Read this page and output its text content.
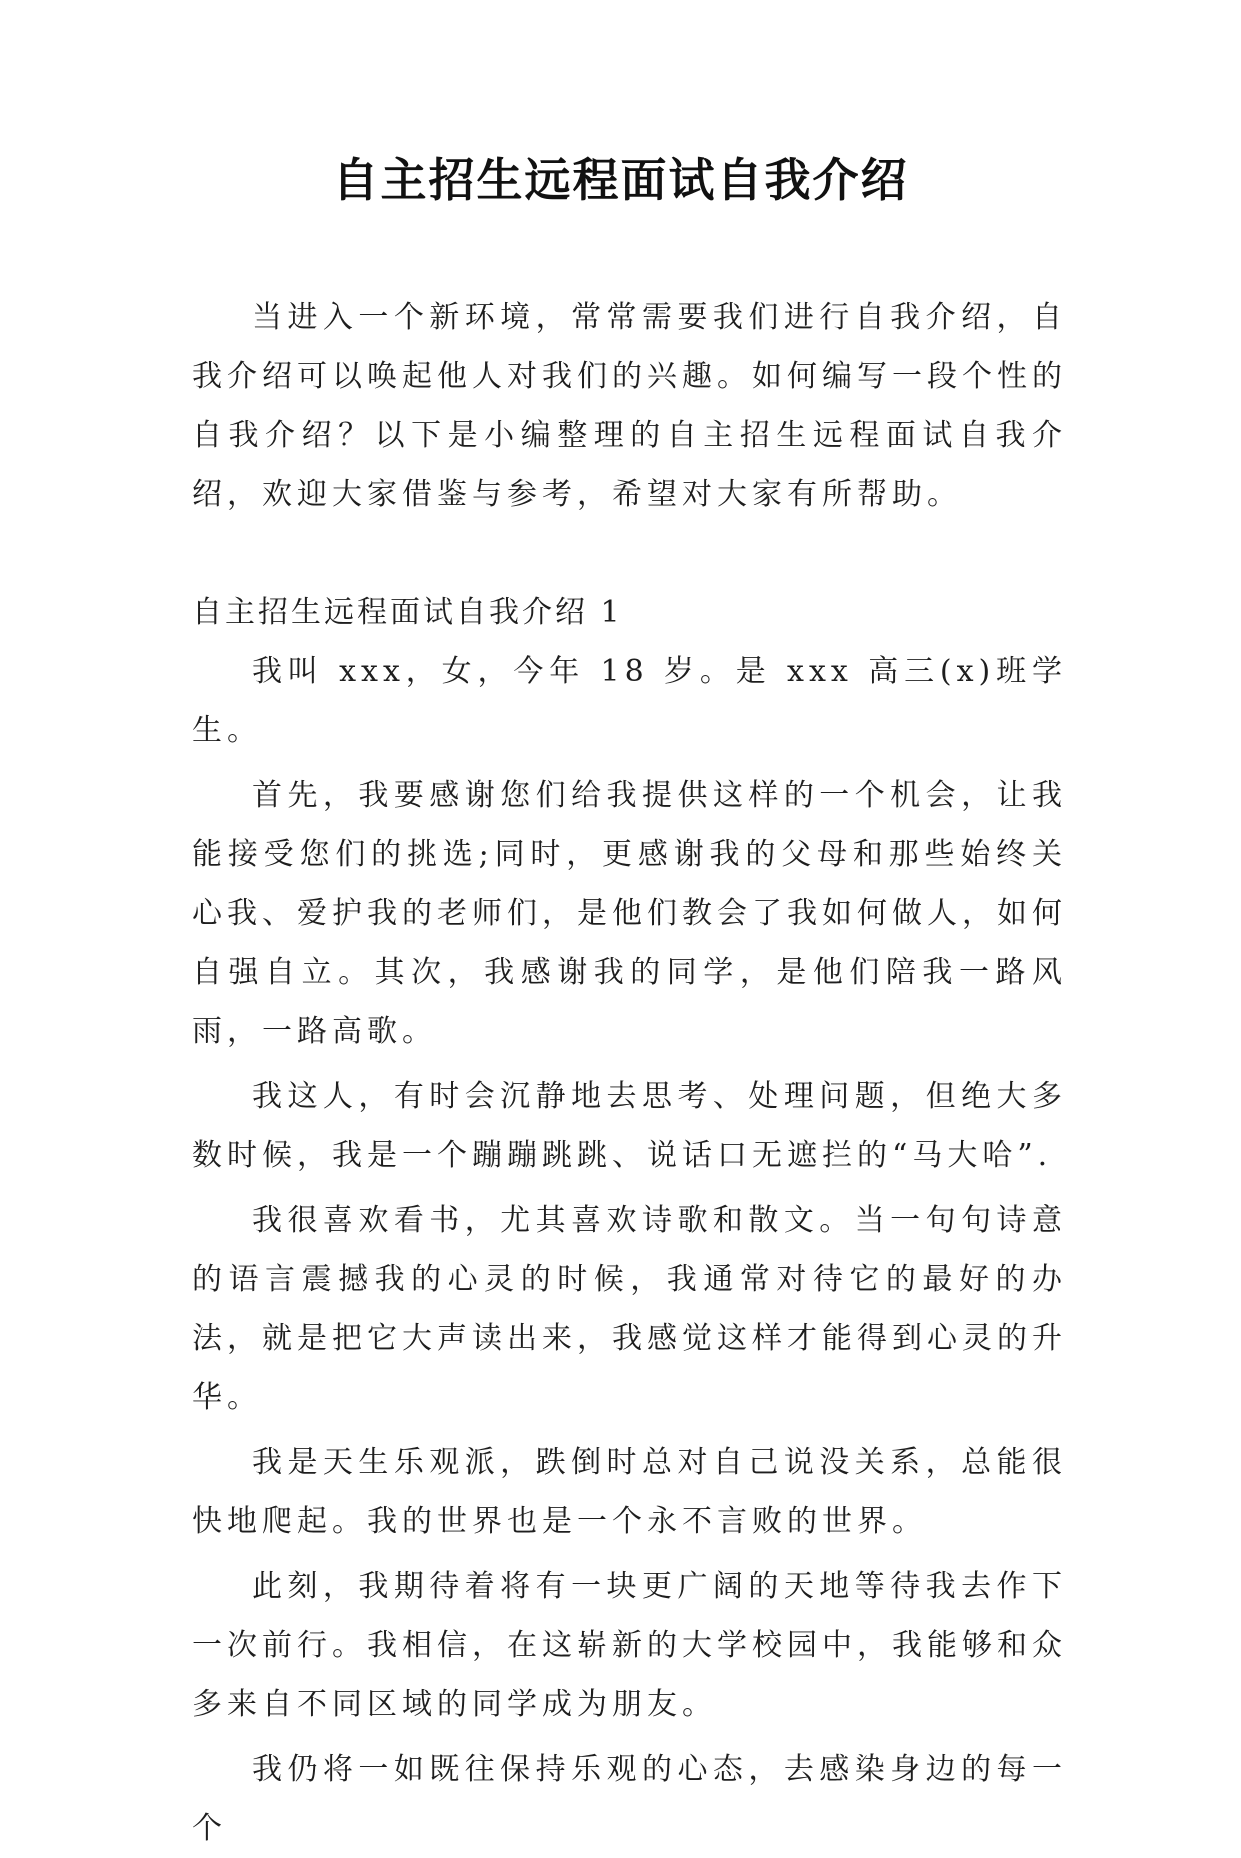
自主招生远程面试自我介绍

当进入一个新环境，常常需要我们进行自我介绍，自我介绍可以唤起他人对我们的兴趣。如何编写一段个性的自我介绍？以下是小编整理的自主招生远程面试自我介绍，欢迎大家借鉴与参考，希望对大家有所帮助。

自主招生远程面试自我介绍 1

我叫 xxx，女，今年 18 岁。是 xxx 高三(x)班学生。

首先，我要感谢您们给我提供这样的一个机会，让我能接受您们的挑选;同时，更感谢我的父母和那些始终关心我、爱护我的老师们，是他们教会了我如何做人，如何自强自立。其次，我感谢我的同学，是他们陪我一路风雨，一路高歌。

我这人，有时会沉静地去思考、处理问题，但绝大多数时候，我是一个蹦蹦跳跳、说话口无遮拦的“马大哈”.

我很喜欢看书，尤其喜欢诗歌和散文。当一句句诗意的语言震撼我的心灵的时候，我通常对待它的最好的办法，就是把它大声读出来，我感觉这样才能得到心灵的升华。

我是天生乐观派，跌倒时总对自己说没关系，总能很快地爬起。我的世界也是一个永不言败的世界。

此刻，我期待着将有一块更广阔的天地等待我去作下一次前行。我相信，在这崭新的大学校园中，我能够和众多来自不同区域的同学成为朋友。

我仍将一如既往保持乐观的心态，去感染身边的每一个
